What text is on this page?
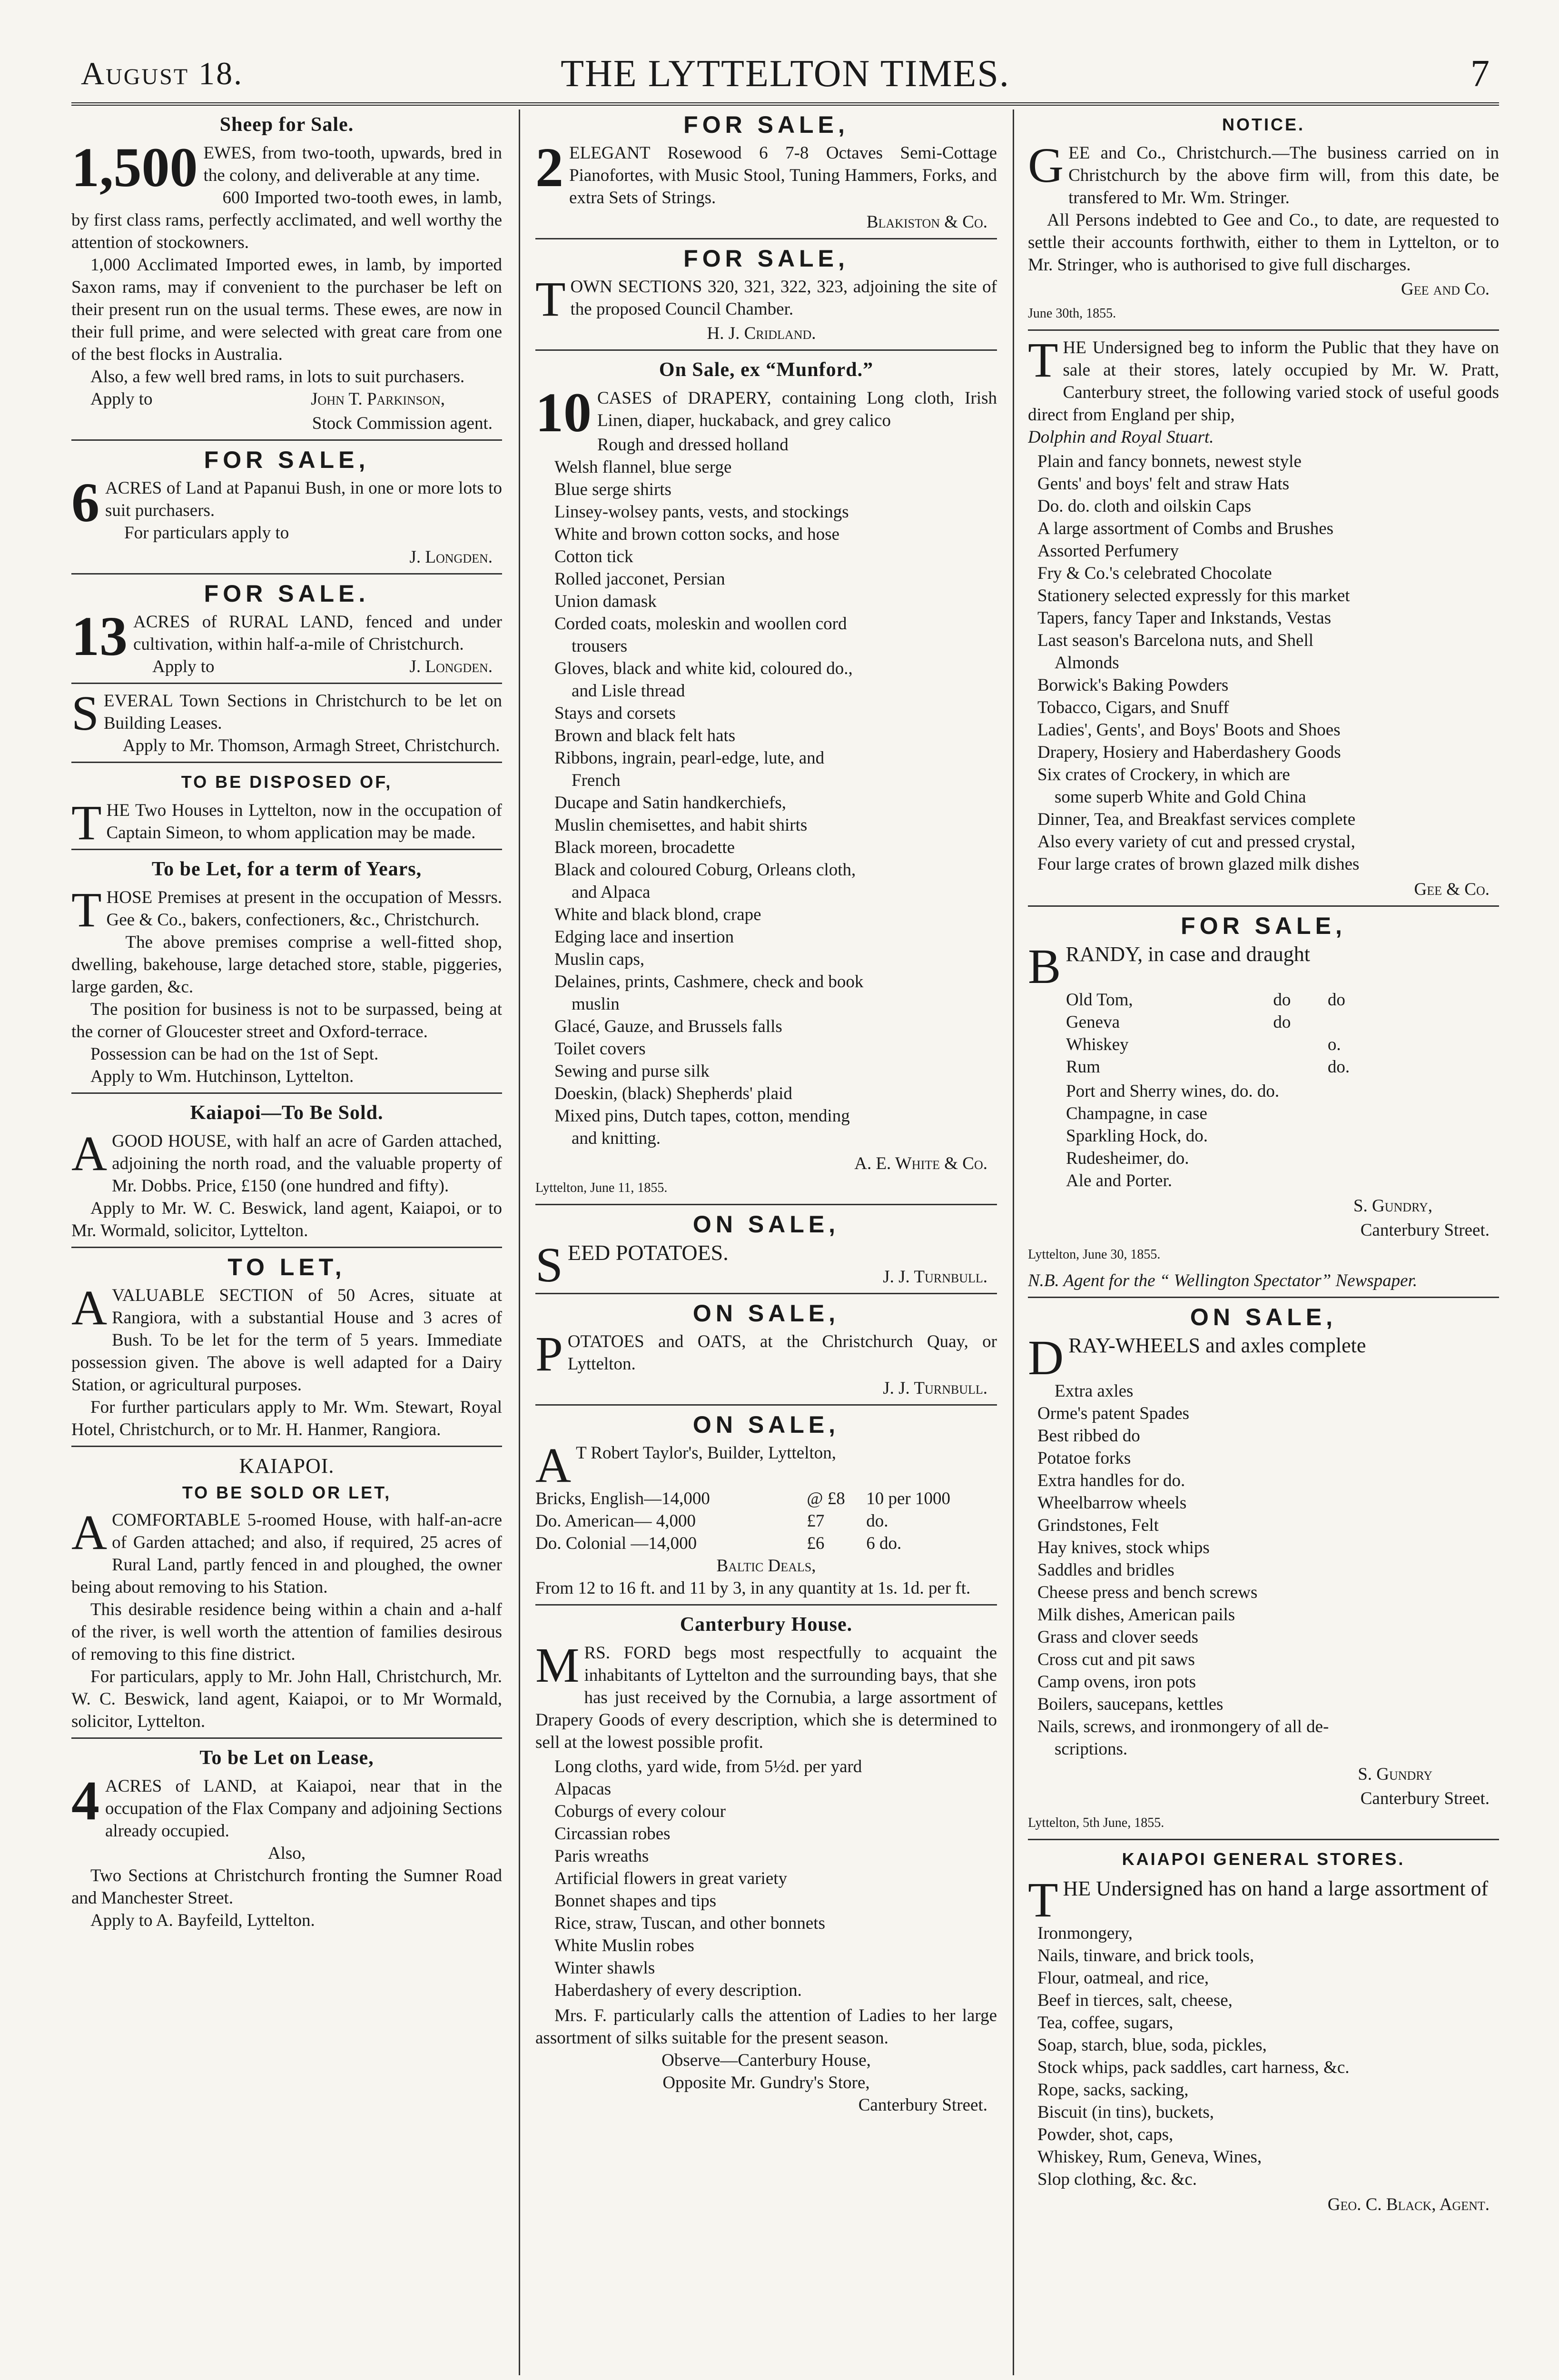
August 18.	THE LYTTELTON TIMES.	7
Sheep for Sale.
1,500 EWES, from two-tooth, upwards, bred in the colony, and deliverable at any time.

600 Imported two-tooth ewes, in lamb, by first class rams, perfectly acclimated, and well worthy the attention of stockowners.

1,000 Acclimated Imported ewes, in lamb, by imported Saxon rams, may if convenient to the purchaser be left on their present run on the usual terms. These ewes, are now in their full prime, and were selected with great care from one of the best flocks in Australia.

Also, a few well bred rams, in lots to suit purchasers.

Apply to	John T. Parkinson,
Stock Commission agent.
FOR SALE,
6 ACRES of Land at Papanui Bush, in one or more lots to suit purchasers.

For particulars apply to

J. Longden.
FOR SALE.
13 ACRES of RURAL LAND, fenced and under cultivation, within half-a-mile of Christchurch.

Apply to	J. Longden.
S EVERAL Town Sections in Christchurch to be let on Building Leases.

Apply to Mr. Thomson, Armagh Street, Christchurch.

TO BE DISPOSED OF,
T HE Two Houses in Lyttelton, now in the occupation of Captain Simeon, to whom application may be made.

To be Let, for a term of Years,
T HOSE Premises at present in the occupation of Messrs. Gee & Co., bakers, confectioners, &c., Christchurch.

The above premises comprise a well-fitted shop, dwelling, bakehouse, large detached store, stable, piggeries, large garden, &c.

The position for business is not to be surpassed, being at the corner of Gloucester street and Oxford-terrace.

Possession can be had on the 1st of Sept.

Apply to Wm. Hutchinson, Lyttelton.

Kaiapoi—To Be Sold.
A GOOD HOUSE, with half an acre of Garden attached, adjoining the north road, and the valuable property of Mr. Dobbs. Price, £150 (one hundred and fifty).

Apply to Mr. W. C. Beswick, land agent, Kaiapoi, or to Mr. Wormald, solicitor, Lyttelton.

TO LET,
A VALUABLE SECTION of 50 Acres, situate at Rangiora, with a substantial House and 3 acres of Bush. To be let for the term of 5 years. Immediate possession given. The above is well adapted for a Dairy Station, or agricultural purposes.

For further particulars apply to Mr. Wm. Stewart, Royal Hotel, Christchurch, or to Mr. H. Hanmer, Rangiora.

KAIAPOI.
TO BE SOLD OR LET,
A COMFORTABLE 5-roomed House, with half-an-acre of Garden attached; and also, if required, 25 acres of Rural Land, partly fenced in and ploughed, the owner being about removing to his Station.

This desirable residence being within a chain and a-half of the river, is well worth the attention of families desirous of removing to this fine district.

For particulars, apply to Mr. John Hall, Christchurch, Mr. W. C. Beswick, land agent, Kaiapoi, or to Mr Wormald, solicitor, Lyttelton.

To be Let on Lease,
4 ACRES of LAND, at Kaiapoi, near that in the occupation of the Flax Company and adjoining Sections already occupied.

Also,

Two Sections at Christchurch fronting the Sumner Road and Manchester Street.

Apply to A. Bayfeild, Lyttelton.

FOR SALE,
2 ELEGANT Rosewood 6 7-8 Octaves Semi-Cottage Pianofortes, with Music Stool, Tuning Hammers, Forks, and extra Sets of Strings.

Blakiston & Co.
FOR SALE,
T OWN SECTIONS 320, 321, 322, 323, adjoining the site of the proposed Council Chamber.

H. J. Cridland.
On Sale, ex “Munford.”
10 CASES of DRAPERY, containing Long cloth, Irish Linen, diaper, huckaback, and grey calico

Rough and dressed holland
Welsh flannel, blue serge
Blue serge shirts
Linsey-wolsey pants, vests, and stockings
White and brown cotton socks, and hose
Cotton tick
Rolled jacconet, Persian
Union damask
Corded coats, moleskin and woollen cord
trousers
Gloves, black and white kid, coloured do.,
and Lisle thread
Stays and corsets
Brown and black felt hats
Ribbons, ingrain, pearl-edge, lute, and
French
Ducape and Satin handkerchiefs,
Muslin chemisettes, and habit shirts
Black moreen, brocadette
Black and coloured Coburg, Orleans cloth,
and Alpaca
White and black blond, crape
Edging lace and insertion
Muslin caps,
Delaines, prints, Cashmere, check and book
muslin
Glacé, Gauze, and Brussels falls
Toilet covers
Sewing and purse silk
Doeskin, (black) Shepherds' plaid
Mixed pins, Dutch tapes, cotton, mending
and knitting.
A. E. White & Co.
Lyttelton, June 11, 1855.
ON SALE,
S EED POTATOES.

J. J. Turnbull.
ON SALE,
P OTATOES and OATS, at the Christchurch Quay, or Lyttelton.

J. J. Turnbull.
ON SALE,
A T Robert Taylor's, Builder, Lyttelton,

Bricks, English—14,000	@ £8	10 per 1000
Do. American— 4,000	£7	do.
Do. Colonial —14,000	£6	6 do.

Baltic Deals,

From 12 to 16 ft. and 11 by 3, in any quantity at 1s. 1d. per ft.

Canterbury House.
M RS. FORD begs most respectfully to acquaint the inhabitants of Lyttelton and the surrounding bays, that she has just received by the Cornubia, a large assortment of Drapery Goods of every description, which she is determined to sell at the lowest possible profit.

Long cloths, yard wide, from 5½d. per yard
Alpacas
Coburgs of every colour
Circassian robes
Paris wreaths
Artificial flowers in great variety
Bonnet shapes and tips
Rice, straw, Tuscan, and other bonnets
White Muslin robes
Winter shawls
Haberdashery of every description.

Mrs. F. particularly calls the attention of Ladies to her large assortment of silks suitable for the present season.

Observe—Canterbury House,

Opposite Mr. Gundry's Store,

Canterbury Street.

NOTICE.
G EE and Co., Christchurch.—The business carried on in Christchurch by the above firm will, from this date, be transfered to Mr. Wm. Stringer.

All Persons indebted to Gee and Co., to date, are requested to settle their accounts forthwith, either to them in Lyttelton, or to Mr. Stringer, who is authorised to give full discharges.

Gee and Co.
June 30th, 1855.
T HE Undersigned beg to inform the Public that they have on sale at their stores, lately occupied by Mr. W. Pratt, Canterbury street, the following varied stock of useful goods direct from England per ship,

Dolphin and Royal Stuart.

Plain and fancy bonnets, newest style
Gents' and boys' felt and straw Hats
Do. do. cloth and oilskin Caps
A large assortment of Combs and Brushes
Assorted Perfumery
Fry & Co.'s celebrated Chocolate
Stationery selected expressly for this market
Tapers, fancy Taper and Inkstands, Vestas
Last season's Barcelona nuts, and Shell
Almonds
Borwick's Baking Powders
Tobacco, Cigars, and Snuff
Ladies', Gents', and Boys' Boots and Shoes
Drapery, Hosiery and Haberdashery Goods
Six crates of Crockery, in which are
some superb White and Gold China
Dinner, Tea, and Breakfast services complete
Also every variety of cut and pressed crystal,
Four large crates of brown glazed milk dishes
Gee & Co.
FOR SALE,
B RANDY, in case and draught

Old Tom,	do	do
Geneva	do	
Whiskey		o.
Rum		do.
Port and Sherry wines, do. do.
Champagne, in case
Sparkling Hock, do.
Rudesheimer, do.
Ale and Porter.
S. Gundry,
Canterbury Street.
Lyttelton, June 30, 1855.

N.B. Agent for the “ Wellington Spectator” Newspaper.

ON SALE,
D RAY-WHEELS and axles complete

Extra axles
Orme's patent Spades
Best ribbed do
Potatoe forks
Extra handles for do.
Wheelbarrow wheels
Grindstones, Felt
Hay knives, stock whips
Saddles and bridles
Cheese press and bench screws
Milk dishes, American pails
Grass and clover seeds
Cross cut and pit saws
Camp ovens, iron pots
Boilers, saucepans, kettles
Nails, screws, and ironmongery of all de-
scriptions.
S. Gundry
Canterbury Street.
Lyttelton, 5th June, 1855.
KAIAPOI GENERAL STORES.
T HE Undersigned has on hand a large assortment of

Ironmongery,
Nails, tinware, and brick tools,
Flour, oatmeal, and rice,
Beef in tierces, salt, cheese,
Tea, coffee, sugars,
Soap, starch, blue, soda, pickles,
Stock whips, pack saddles, cart harness, &c.
Rope, sacks, sacking,
Biscuit (in tins), buckets,
Powder, shot, caps,
Whiskey, Rum, Geneva, Wines,
Slop clothing, &c. &c.
Geo. C. Black, Agent.
